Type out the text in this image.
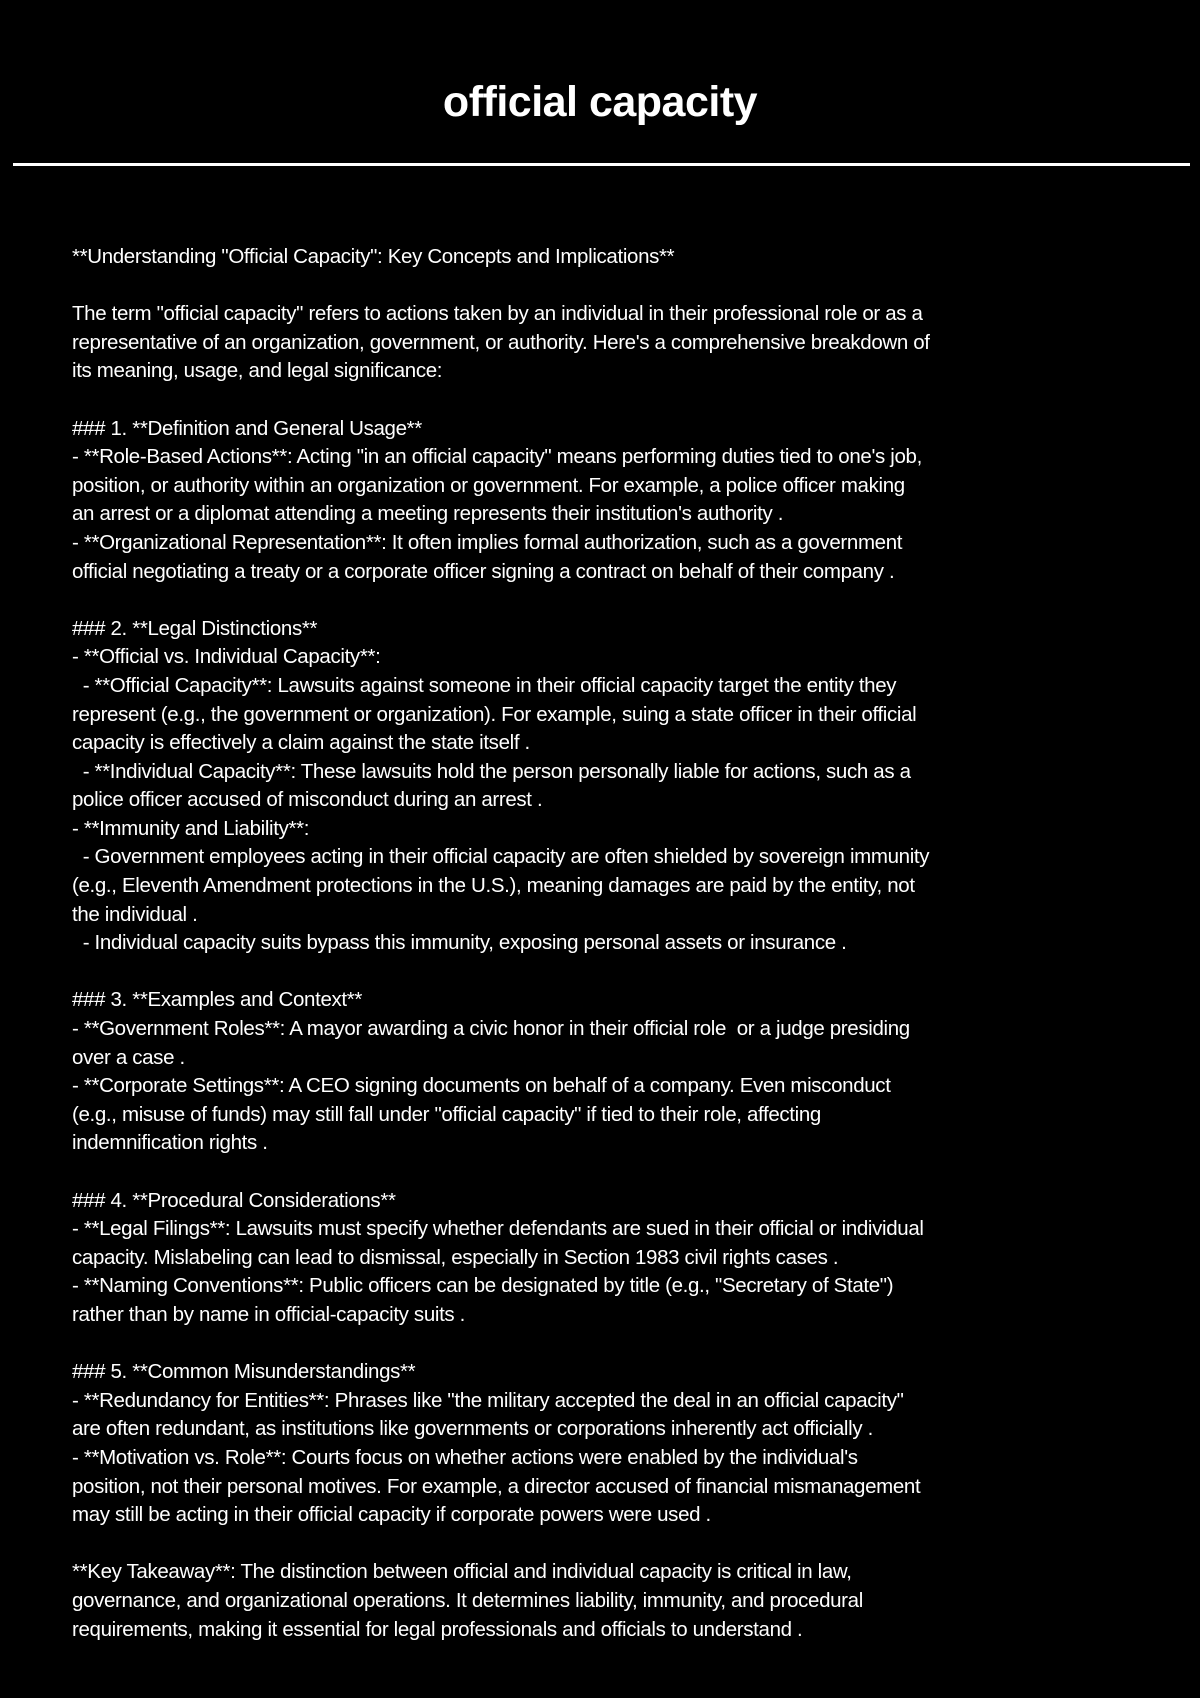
official capacity
**Understanding "Official Capacity": Key Concepts and Implications**
The term "official capacity" refers to actions taken by an individual in their professional role or as a
representative of an organization, government, or authority. Here's a comprehensive breakdown of
its meaning, usage, and legal significance:
### 1. **Definition and General Usage**
- **Role-Based Actions**: Acting "in an official capacity" means performing duties tied to one's job,
position, or authority within an organization or government. For example, a police officer making
an arrest or a diplomat attending a meeting represents their institution's authority .
- **Organizational Representation**: It often implies formal authorization, such as a government
official negotiating a treaty or a corporate officer signing a contract on behalf of their company .
### 2. **Legal Distinctions**
- **Official vs. Individual Capacity**:
- **Official Capacity**: Lawsuits against someone in their official capacity target the entity they
represent (e.g., the government or organization). For example, suing a state officer in their official
capacity is effectively a claim against the state itself .
- **Individual Capacity**: These lawsuits hold the person personally liable for actions, such as a
police officer accused of misconduct during an arrest .
- **Immunity and Liability**:
- Government employees acting in their official capacity are often shielded by sovereign immunity
(e.g., Eleventh Amendment protections in the U.S.), meaning damages are paid by the entity, not
the individual .
- Individual capacity suits bypass this immunity, exposing personal assets or insurance .
### 3. **Examples and Context**
- **Government Roles**: A mayor awarding a civic honor in their official role  or a judge presiding
over a case .
- **Corporate Settings**: A CEO signing documents on behalf of a company. Even misconduct
(e.g., misuse of funds) may still fall under "official capacity" if tied to their role, affecting
indemnification rights .
### 4. **Procedural Considerations**
- **Legal Filings**: Lawsuits must specify whether defendants are sued in their official or individual
capacity. Mislabeling can lead to dismissal, especially in Section 1983 civil rights cases .
- **Naming Conventions**: Public officers can be designated by title (e.g., "Secretary of State")
rather than by name in official-capacity suits .
### 5. **Common Misunderstandings**
- **Redundancy for Entities**: Phrases like "the military accepted the deal in an official capacity"
are often redundant, as institutions like governments or corporations inherently act officially .
- **Motivation vs. Role**: Courts focus on whether actions were enabled by the individual's
position, not their personal motives. For example, a director accused of financial mismanagement
may still be acting in their official capacity if corporate powers were used .
**Key Takeaway**: The distinction between official and individual capacity is critical in law,
governance, and organizational operations. It determines liability, immunity, and procedural
requirements, making it essential for legal professionals and officials to understand .
